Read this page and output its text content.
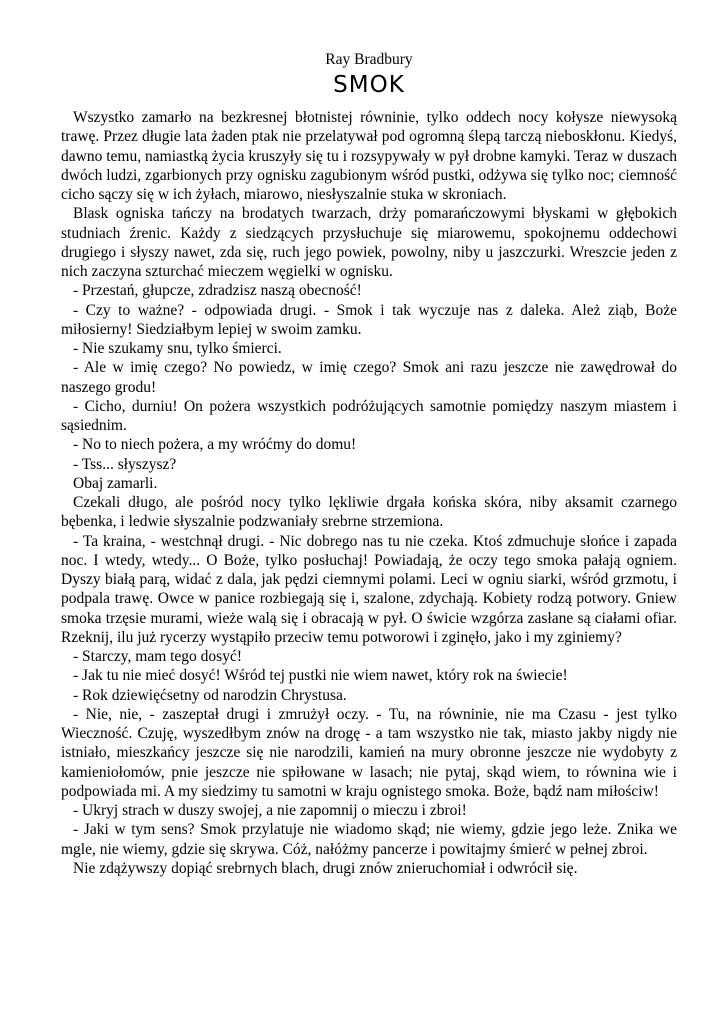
Ray Bradbury

SMOK

Wszystko zamarło na bezkresnej błotnistej równinie, tylko oddech nocy kołysze niewysoką trawę. Przez długie lata żaden ptak nie przelatywał pod ogromną ślepą tarczą nieboskłonu. Kiedyś, dawno temu, namiastką życia kruszyły się tu i rozsypywały w pył drobne kamyki. Teraz w duszach dwóch ludzi, zgarbionych przy ognisku zagubionym wśród pustki, odżywa się tylko noc; ciemność cicho sączy się w ich żyłach, miarowo, niesłyszalnie stuka w skroniach.

Blask ogniska tańczy na brodatych twarzach, drży pomarańczowymi błyskami w głębokich studniach źrenic. Każdy z siedzących przysłuchuje się miarowemu, spokojnemu oddechowi drugiego i słyszy nawet, zda się, ruch jego powiek, powolny, niby u jaszczurki. Wreszcie jeden z nich zaczyna szturchać mieczem węgielki w ognisku.

- Przestań, głupcze, zdradzisz naszą obecność!

- Czy to ważne? - odpowiada drugi. - Smok i tak wyczuje nas z daleka. Ależ ziąb, Boże miłosierny! Siedziałbym lepiej w swoim zamku.

- Nie szukamy snu, tylko śmierci.

- Ale w imię czego? No powiedz, w imię czego? Smok ani razu jeszcze nie zawędrował do naszego grodu!

- Cicho, durniu! On pożera wszystkich podróżujących samotnie pomiędzy naszym miastem i sąsiednim.

- No to niech pożera, a my wróćmy do domu!

- Tss... słyszysz?

Obaj zamarli.

Czekali długo, ale pośród nocy tylko lękliwie drgała końska skóra, niby aksamit czarnego bębenka, i ledwie słyszalnie podzwaniały srebrne strzemiona.

- Ta kraina, - westchnął drugi. - Nic dobrego nas tu nie czeka. Ktoś zdmuchuje słońce i zapada noc. I wtedy, wtedy... O Boże, tylko posłuchaj! Powiadają, że oczy tego smoka pałają ogniem. Dyszy białą parą, widać z dala, jak pędzi ciemnymi polami. Leci w ogniu siarki, wśród grzmotu, i podpala trawę. Owce w panice rozbiegają się i, szalone, zdychają. Kobiety rodzą potwory. Gniew smoka trzęsie murami, wieże walą się i obracają w pył. O świcie wzgórza zasłane są ciałami ofiar. Rzeknij, ilu już rycerzy wystąpiło przeciw temu potworowi i zginęło, jako i my zginiemy?

- Starczy, mam tego dosyć!

- Jak tu nie mieć dosyć! Wśród tej pustki nie wiem nawet, który rok na świecie!

- Rok dziewięćsetny od narodzin Chrystusa.

- Nie, nie, - zaszeptał drugi i zmrużył oczy. - Tu, na równinie, nie ma Czasu - jest tylko Wieczność. Czuję, wyszedłbym znów na drogę - a tam wszystko nie tak, miasto jakby nigdy nie istniało, mieszkańcy jeszcze się nie narodzili, kamień na mury obronne jeszcze nie wydobyty z kamieniołomów, pnie jeszcze nie spiłowane w lasach; nie pytaj, skąd wiem, to równina wie i podpowiada mi. A my siedzimy tu samotni w kraju ognistego smoka. Boże, bądź nam miłościw!

- Ukryj strach w duszy swojej, a nie zapomnij o mieczu i zbroi!

- Jaki w tym sens? Smok przylatuje nie wiadomo skąd; nie wiemy, gdzie jego leże. Znika we mgle, nie wiemy, gdzie się skrywa. Cóż, nałóżmy pancerze i powitajmy śmierć w pełnej zbroi.

Nie zdążywszy dopiąć srebrnych blach, drugi znów znieruchomiał i odwrócił się.
